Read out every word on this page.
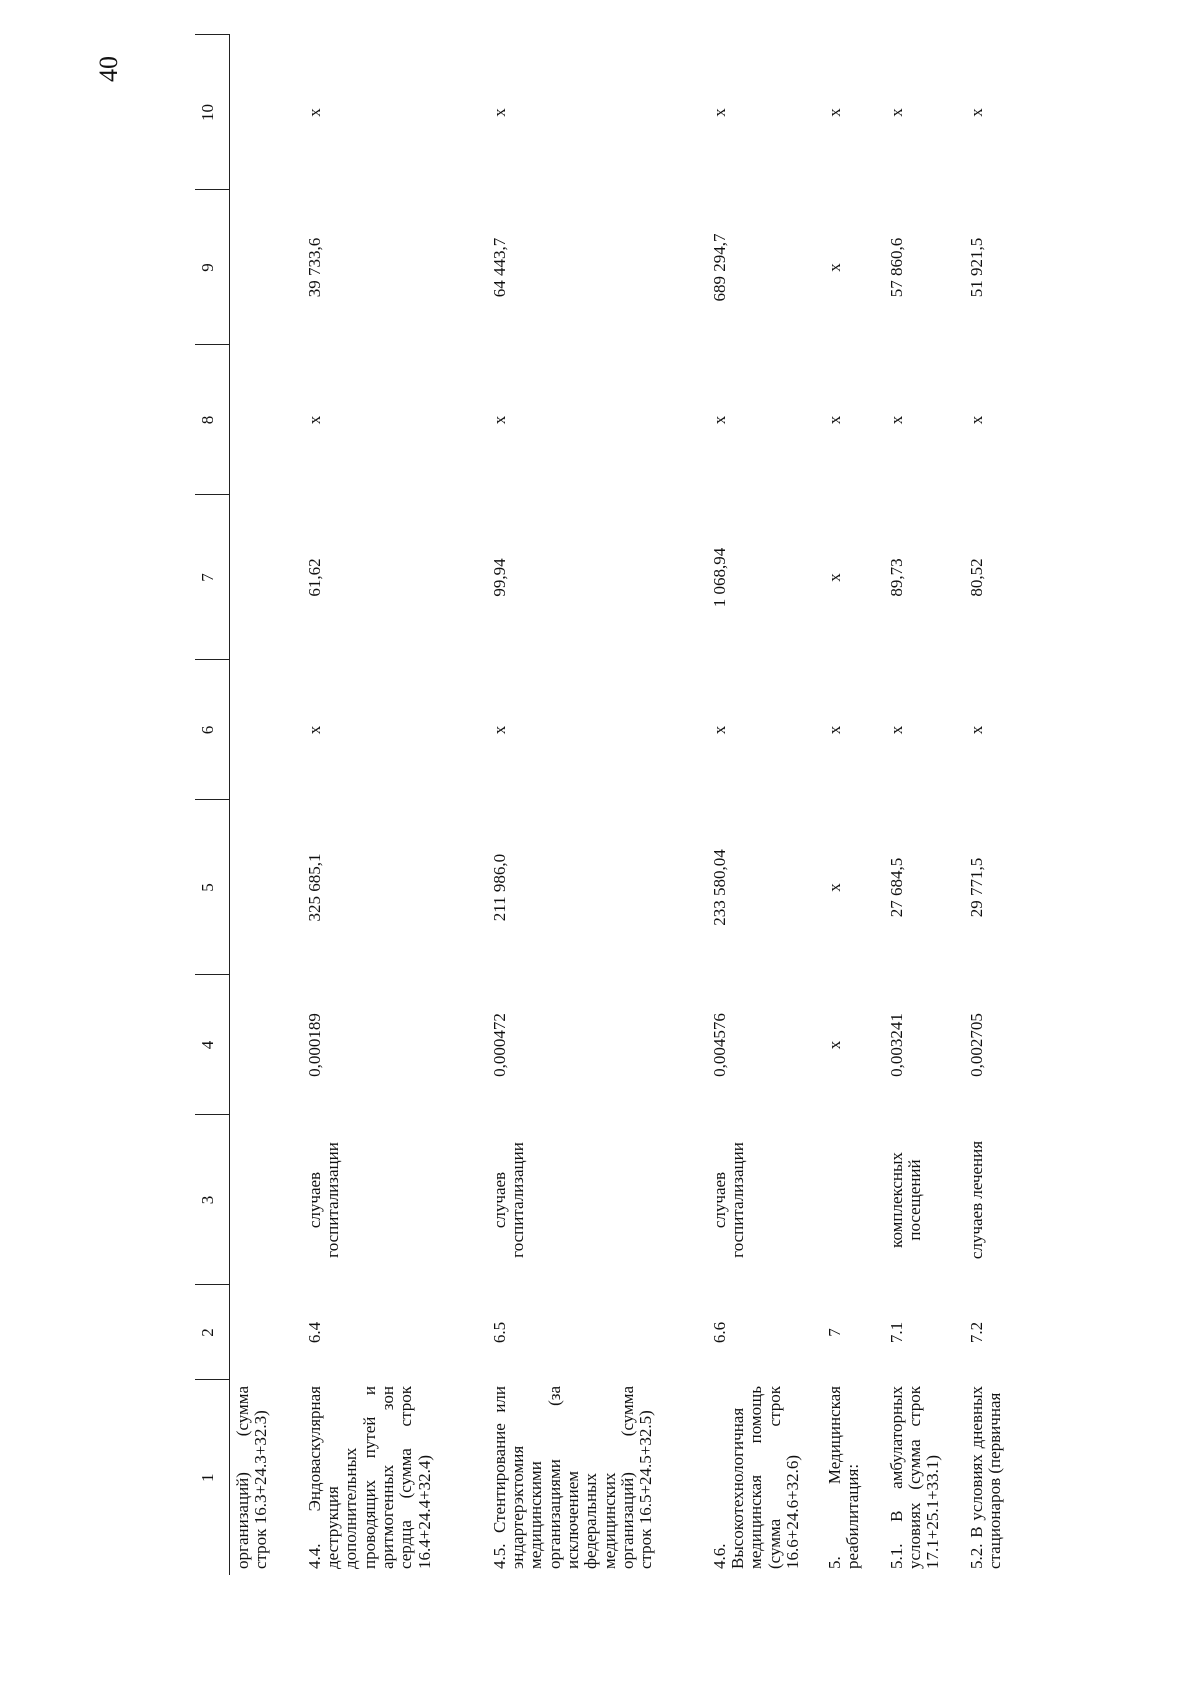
40
1	2	3	4	5	6	7	8	9	10
организаций) (сумма строк 16.3+24.3+32.3)									
4.4. Эндоваскулярная деструкция дополнительных проводящих путей и аритмогенных зон сердца (сумма строк 16.4+24.4+32.4)	6.4	случаев госпитализации	0,000189	325 685,1	х	61,62	х	39 733,6	х
4.5. Стентирование или эндартерэктомия медицинскими организациями (за исключением федеральных медицинских организаций) (сумма строк 16.5+24.5+32.5)	6.5	случаев госпитализации	0,000472	211 986,0	х	99,94	х	64 443,7	х
4.6. Высокотехнологичная медицинская помощь (сумма строк 16.6+24.6+32.6)	6.6	случаев госпитализации	0,004576	233 580,04	х	1 068,94	х	689 294,7	х
5. Медицинская реабилитация:	7		х	х	х	х	х	х	х
5.1. В амбулаторных условиях (сумма строк 17.1+25.1+33.1)	7.1	комплексных посещений	0,003241	27 684,5	х	89,73	х	57 860,6	х
5.2. В условиях дневных стационаров (первичная	7.2	случаев лечения	0,002705	29 771,5	х	80,52	х	51 921,5	х
